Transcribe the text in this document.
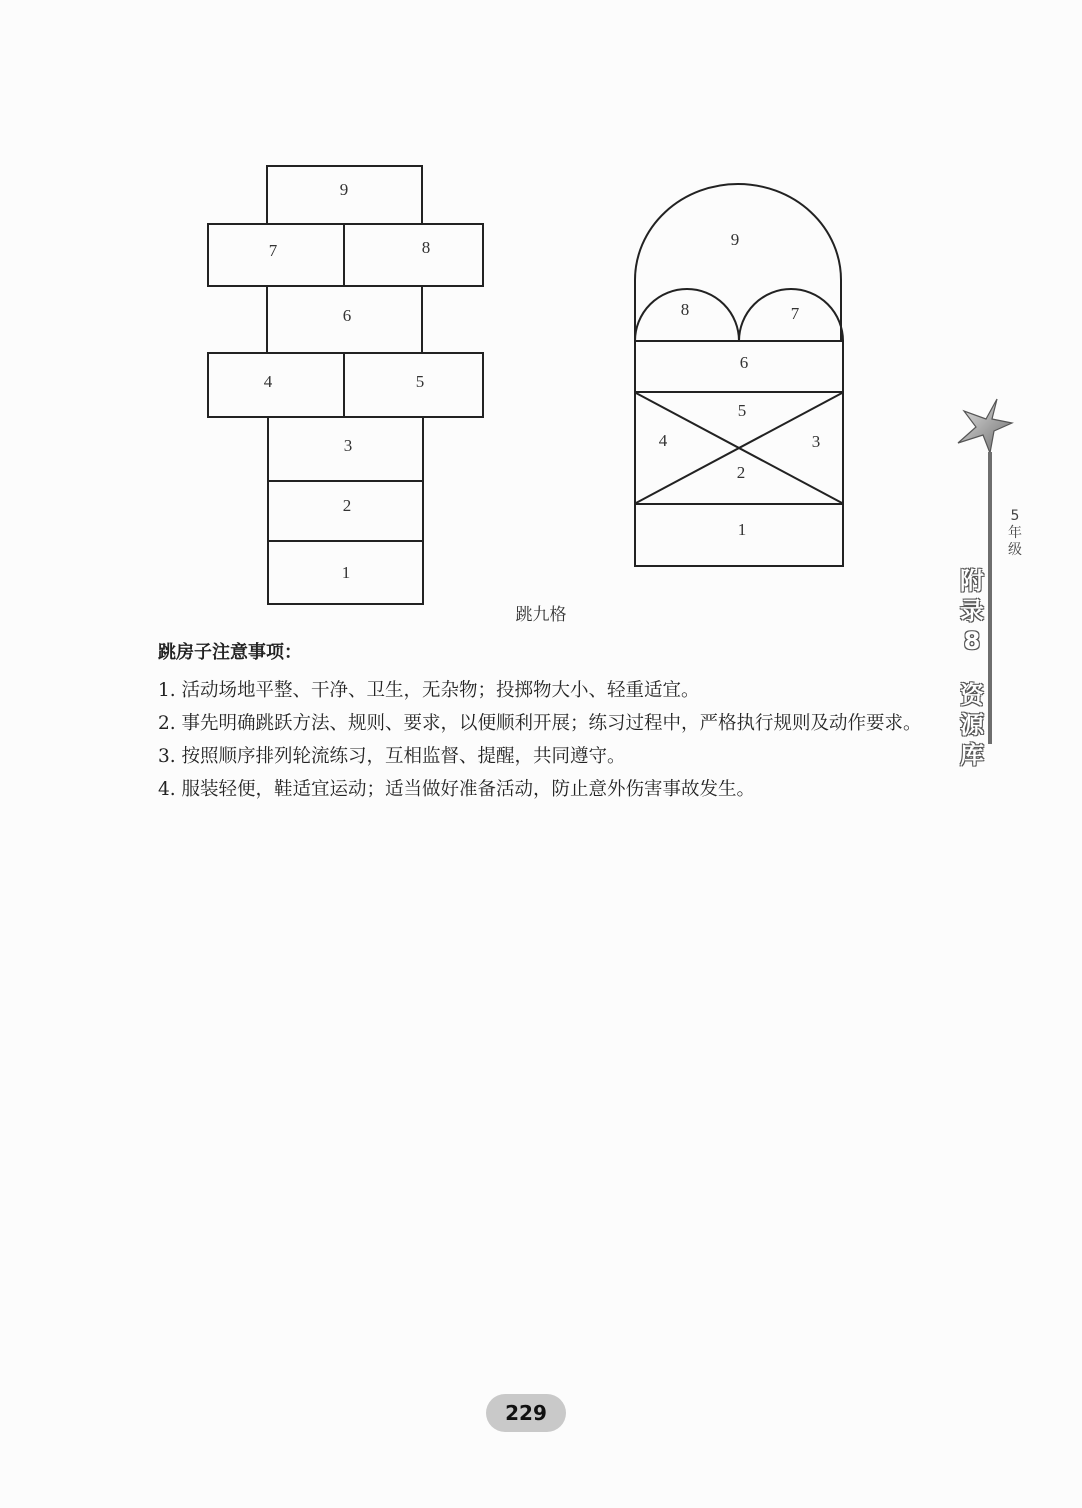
9
7	8
6
4	5
3
2
1
9
8	7
6
5
4	3
2
1
跳九格
跳房子注意事项：

1. 活动场地平整、干净、卫生，无杂物；投掷物大小、轻重适宜。

2. 事先明确跳跃方法、规则、要求，以便顺利开展；练习过程中，严格执行规则及动作要求。

3. 按照顺序排列轮流练习，互相监督、提醒，共同遵守。

4. 服装轻便，鞋适宜运动；适当做好准备活动，防止意外伤害事故发生。

5
年
级
附
录
8
资
源
库
229
